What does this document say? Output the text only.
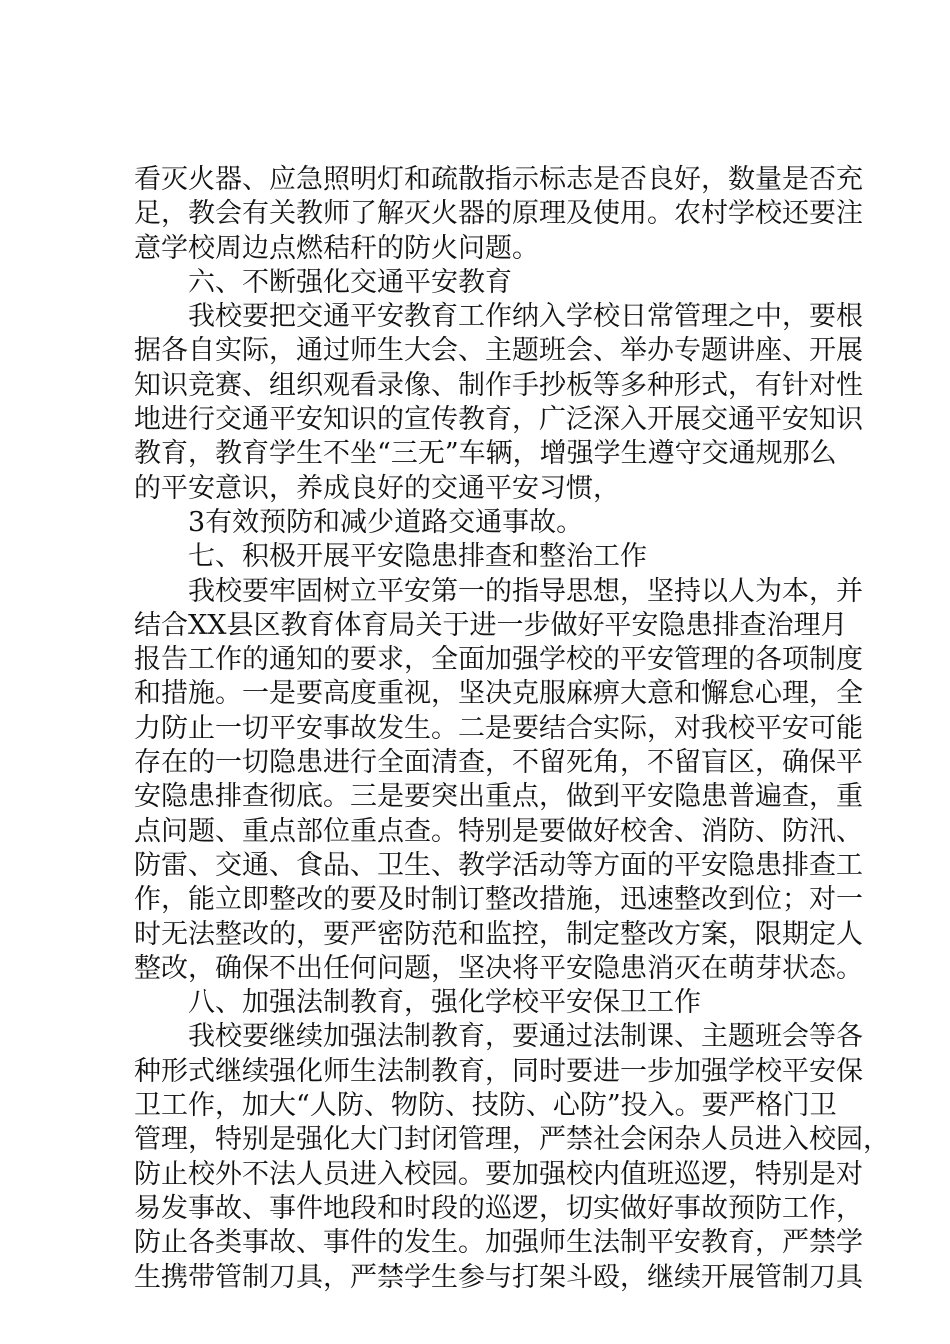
看 灭 火 器 、 应 急 照 明 灯 和 疏 散 指 示 标 志 是 否 良 好 ， 数 量 是 否 充
足 ， 教 会 有 关 教 师 了 解 灭 火 器 的 原 理 及 使 用 。 农 村 学 校 还 要 注
意学校周边点燃秸秆的防火问题。
六、不断强化交通平安教育
我 校 要 把 交 通 平 安 教 育 工 作 纳 入 学 校 日 常 管 理 之 中 ， 要 根
据 各 自 实 际 ， 通 过 师 生 大 会 、 主 题 班 会 、 举 办 专 题 讲 座 、 开 展
知 识 竞 赛 、 组 织 观 看 录 像 、 制 作 手 抄 板 等 多 种 形 式 ， 有 针 对 性
地 进 行 交 通 平 安 知 识 的 宣 传 教 育 ， 广 泛 深 入 开 展 交 通 平 安 知 识
教 育 ， 教 育 学 生 不 坐 “ 三 无 ” 车 辆 ， 增 强 学 生 遵 守 交 通 规 那 么
的平安意识，养成良好的交通平安习惯，
3有效预防和减少道路交通事故。
七、积极开展平安隐患排查和整治工作
我 校 要 牢 固 树 立 平 安 第 一 的 指 导 思 想 ， 坚 持 以 人 为 本 ， 并
结 合 X X 县 区 教 育 体 育 局 关 于 进 一 步 做 好 平 安 隐 患 排 查 治 理 月
报 告 工 作 的 通 知 的 要 求 ， 全 面 加 强 学 校 的 平 安 管 理 的 各 项 制 度
和 措 施 。 一 是 要 高 度 重 视 ， 坚 决 克 服 麻 痹 大 意 和 懈 怠 心 理 ， 全
力 防 止 一 切 平 安 事 故 发 生 。 二 是 要 结 合 实 际 ， 对 我 校 平 安 可 能
存 在 的 一 切 隐 患 进 行 全 面 清 查 ， 不 留 死 角 ， 不 留 盲 区 ， 确 保 平
安 隐 患 排 查 彻 底 。 三 是 要 突 出 重 点 ， 做 到 平 安 隐 患 普 遍 查 ， 重
点 问 题 、 重 点 部 位 重 点 查 。 特 别 是 要 做 好 校 舍 、 消 防 、 防 汛 、
防 雷 、 交 通 、 食 品 、 卫 生 、 教 学 活 动 等 方 面 的 平 安 隐 患 排 查 工
作 ， 能 立 即 整 改 的 要 及 时 制 订 整 改 措 施 ， 迅 速 整 改 到 位 ； 对 一
时 无 法 整 改 的 ， 要 严 密 防 范 和 监 控 ， 制 定 整 改 方 案 ， 限 期 定 人
整 改 ， 确 保 不 出 任 何 问 题 ， 坚 决 将 平 安 隐 患 消 灭 在 萌 芽 状 态 。
八、加强法制教育，强化学校平安保卫工作
我 校 要 继 续 加 强 法 制 教 育 ， 要 通 过 法 制 课 、 主 题 班 会 等 各
种 形 式 继 续 强 化 师 生 法 制 教 育 ， 同 时 要 进 一 步 加 强 学 校 平 安 保
卫 工 作 ， 加 大 “ 人 防 、 物 防 、 技 防 、 心 防 ” 投 入 。 要 严 格 门 卫
管 理 ， 特 别 是 强 化 大 门 封 闭 管 理 ， 严 禁 社 会 闲 杂 人 员 进 入 校 园 ，
防 止 校 外 不 法 人 员 进 入 校 园 。 要 加 强 校 内 值 班 巡 逻 ， 特 别 是 对
易 发 事 故 、 事 件 地 段 和 时 段 的 巡 逻 ， 切 实 做 好 事 故 预 防 工 作 ，
防 止 各 类 事 故 、 事 件 的 发 生 。 加 强 师 生 法 制 平 安 教 育 ， 严 禁 学
生 携 带 管 制 刀 具 ， 严 禁 学 生 参 与 打 架 斗 殴 ， 继 续 开 展 管 制 刀 具
